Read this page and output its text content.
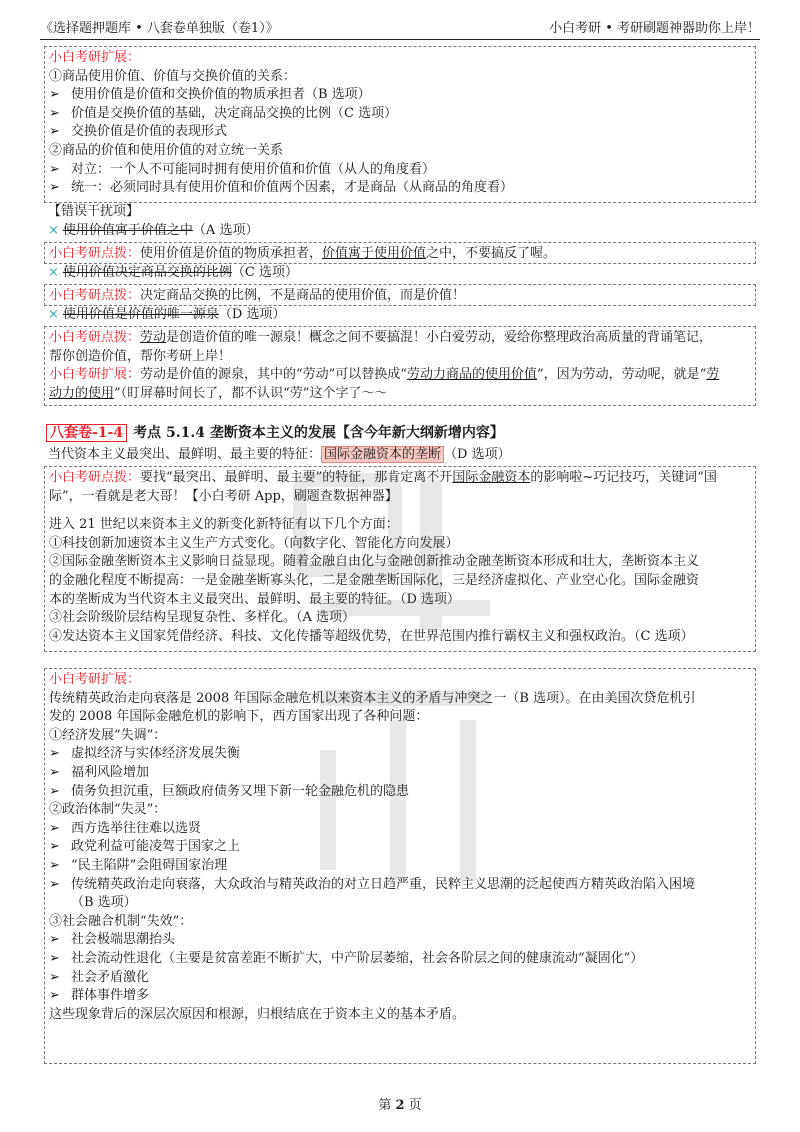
《选择题押题库 • 八套卷单独版（卷1）》	小白考研 • 考研刷题神器助你上岸！
小白考研扩展：
①商品使用价值、价值与交换价值的关系：
➢ 使用价值是价值和交换价值的物质承担者（B 选项）
➢ 价值是交换价值的基础，决定商品交换的比例（C 选项）
➢ 交换价值是价值的表现形式
②商品的价值和使用价值的对立统一关系
➢ 对立：一个人不可能同时拥有使用价值和价值（从人的角度看）
➢ 统一：必须同时具有使用价值和价值两个因素，才是商品（从商品的角度看）
【错误干扰项】
× 使用价值寓于价值之中（A 选项）
小白考研点拨：使用价值是价值的物质承担者，价值寓于使用价值之中，不要搞反了喔。
× 使用价值决定商品交换的比例（C 选项）
小白考研点拨：决定商品交换的比例，不是商品的使用价值，而是价值！
× 使用价值是价值的唯一源泉（D 选项）
小白考研点拨：劳动是创造价值的唯一源泉！概念之间不要搞混！小白爱劳动，爱给你整理政治高质量的背诵笔记，
帮你创造价值，帮你考研上岸！
小白考研扩展：劳动是价值的源泉，其中的“劳动”可以替换成“劳动力商品的使用价值”，因为劳动，劳动呢，就是“劳
动力的使用”（盯屏幕时间长了，都不认识“劳”这个字了～～
八套卷-1-4 考点 5.1.4 垄断资本主义的发展【含今年新大纲新增内容】
当代资本主义最突出、最鲜明、最主要的特征： 国际金融资本的垄断 （D 选项）
小白考研点拨：要找“最突出、最鲜明、最主要”的特征，那肯定离不开国际金融资本的影响啦~巧记技巧，关键词“国
际”，一看就是老大哥！【小白考研 App，刷题查数据神器】
进入 21 世纪以来资本主义的新变化新特征有以下几个方面：
①科技创新加速资本主义生产方式变化。（向数字化、智能化方向发展）
②国际金融垄断资本主义影响日益显现。随着金融自由化与金融创新推动金融垄断资本形成和壮大，垄断资本主义
的金融化程度不断提高：一是金融垄断寡头化，二是金融垄断国际化，三是经济虚拟化、产业空心化。国际金融资
本的垄断成为当代资本主义最突出、最鲜明、最主要的特征。（D 选项）
③社会阶级阶层结构呈现复杂性、多样化。（A 选项）
④发达资本主义国家凭借经济、科技、文化传播等超级优势，在世界范围内推行霸权主义和强权政治。（C 选项）
小白考研扩展：
传统精英政治走向衰落是 2008 年国际金融危机以来资本主义的矛盾与冲突之一（B 选项）。在由美国次贷危机引
发的 2008 年国际金融危机的影响下，西方国家出现了各种问题：
①经济发展“失调”：
➢ 虚拟经济与实体经济发展失衡
➢ 福利风险增加
➢ 债务负担沉重，巨额政府债务又埋下新一轮金融危机的隐患
②政治体制“失灵”：
➢ 西方选举往往难以选贤
➢ 政党利益可能凌驾于国家之上
➢ “民主陷阱”会阻碍国家治理
➢ 传统精英政治走向衰落，大众政治与精英政治的对立日趋严重，民粹主义思潮的泛起使西方精英政治陷入困境
（B 选项）
③社会融合机制“失效”：
➢ 社会极端思潮抬头
➢ 社会流动性退化（主要是贫富差距不断扩大，中产阶层萎缩，社会各阶层之间的健康流动“凝固化”）
➢ 社会矛盾激化
➢ 群体事件增多
这些现象背后的深层次原因和根源，归根结底在于资本主义的基本矛盾。
第 2 页
